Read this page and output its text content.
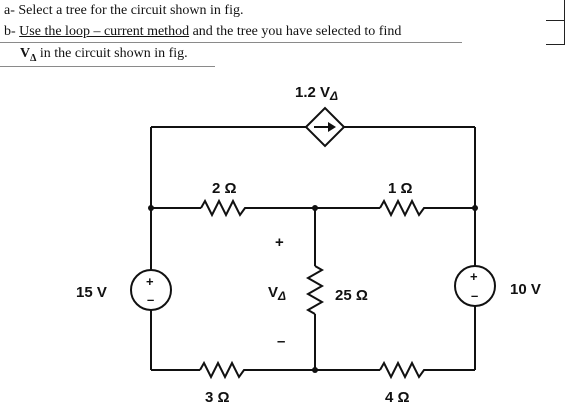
a- Select a tree for the circuit shown in fig.
b- Use the loop – current method and the tree you have selected to find
$V_\Delta$ in the circuit shown in fig.
1.2 $V_\Delta$
2 Ω	1 Ω
25 Ω
3 Ω	4 Ω
15 V	10 V
+
–
+
–
+
$V_\Delta$
–
